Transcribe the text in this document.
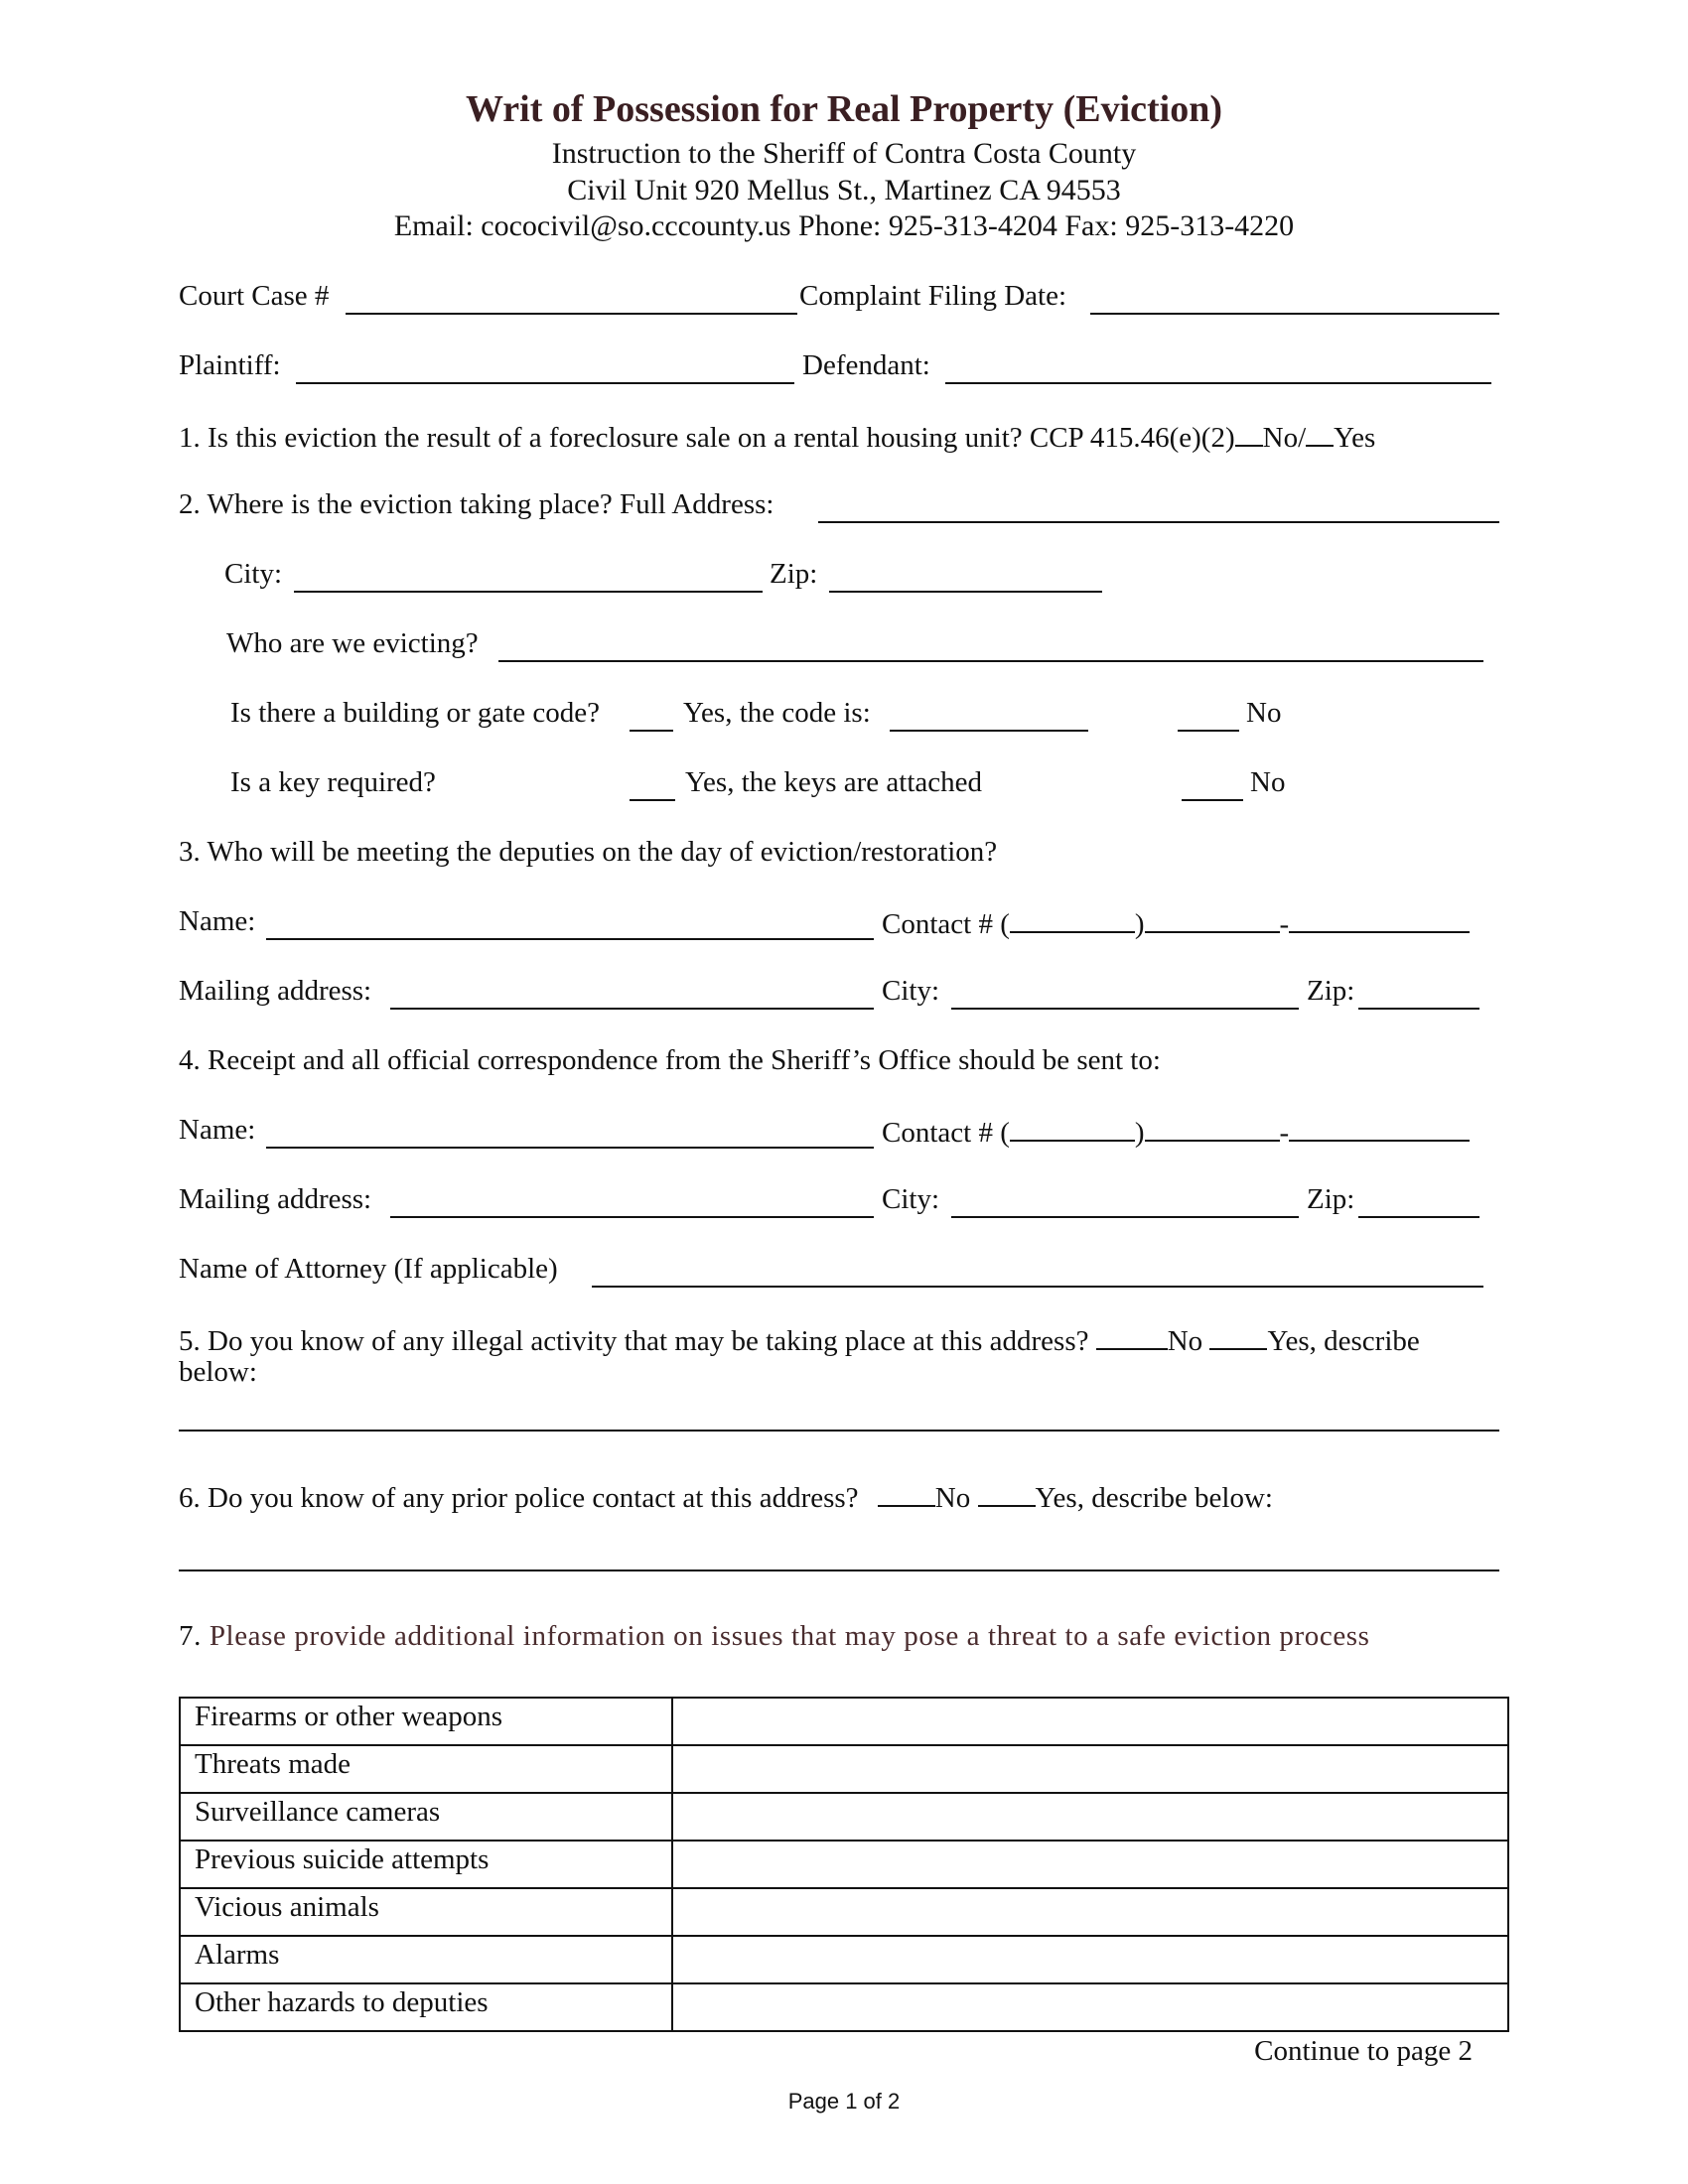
Writ of Possession for Real Property (Eviction)
Instruction to the Sheriff of Contra Costa County
Civil Unit 920 Mellus St., Martinez CA 94553
Email: cococivil@so.cccounty.us Phone: 925-313-4204 Fax: 925-313-4220
Court Case #	Complaint Filing Date:
Plaintiff:	Defendant:
1. Is this eviction the result of a foreclosure sale on a rental housing unit? CCP 415.46(e)(2) No/ Yes
2. Where is the eviction taking place? Full Address:
City:	Zip:
Who are we evicting?
Is there a building or gate code?	Yes, the code is:	No
Is a key required?	Yes, the keys are attached	No
3. Who will be meeting the deputies on the day of eviction/restoration?
Name:	Contact # (	)	-
Mailing address:	City:	Zip:
4. Receipt and all official correspondence from the Sheriff’s Office should be sent to:
Name:	Contact # (	)	-
Mailing address:	City:	Zip:
Name of Attorney (If applicable)
5. Do you know of any illegal activity that may be taking place at this address?	No Yes, describe
below:
6. Do you know of any prior police contact at this address?	No Yes, describe below:
7. Please provide additional information on issues that may pose a threat to a safe eviction process
Firearms or other weapons	
Threats made	
Surveillance cameras	
Previous suicide attempts	
Vicious animals	
Alarms	
Other hazards to deputies	
Continue to page 2
Page 1 of 2
